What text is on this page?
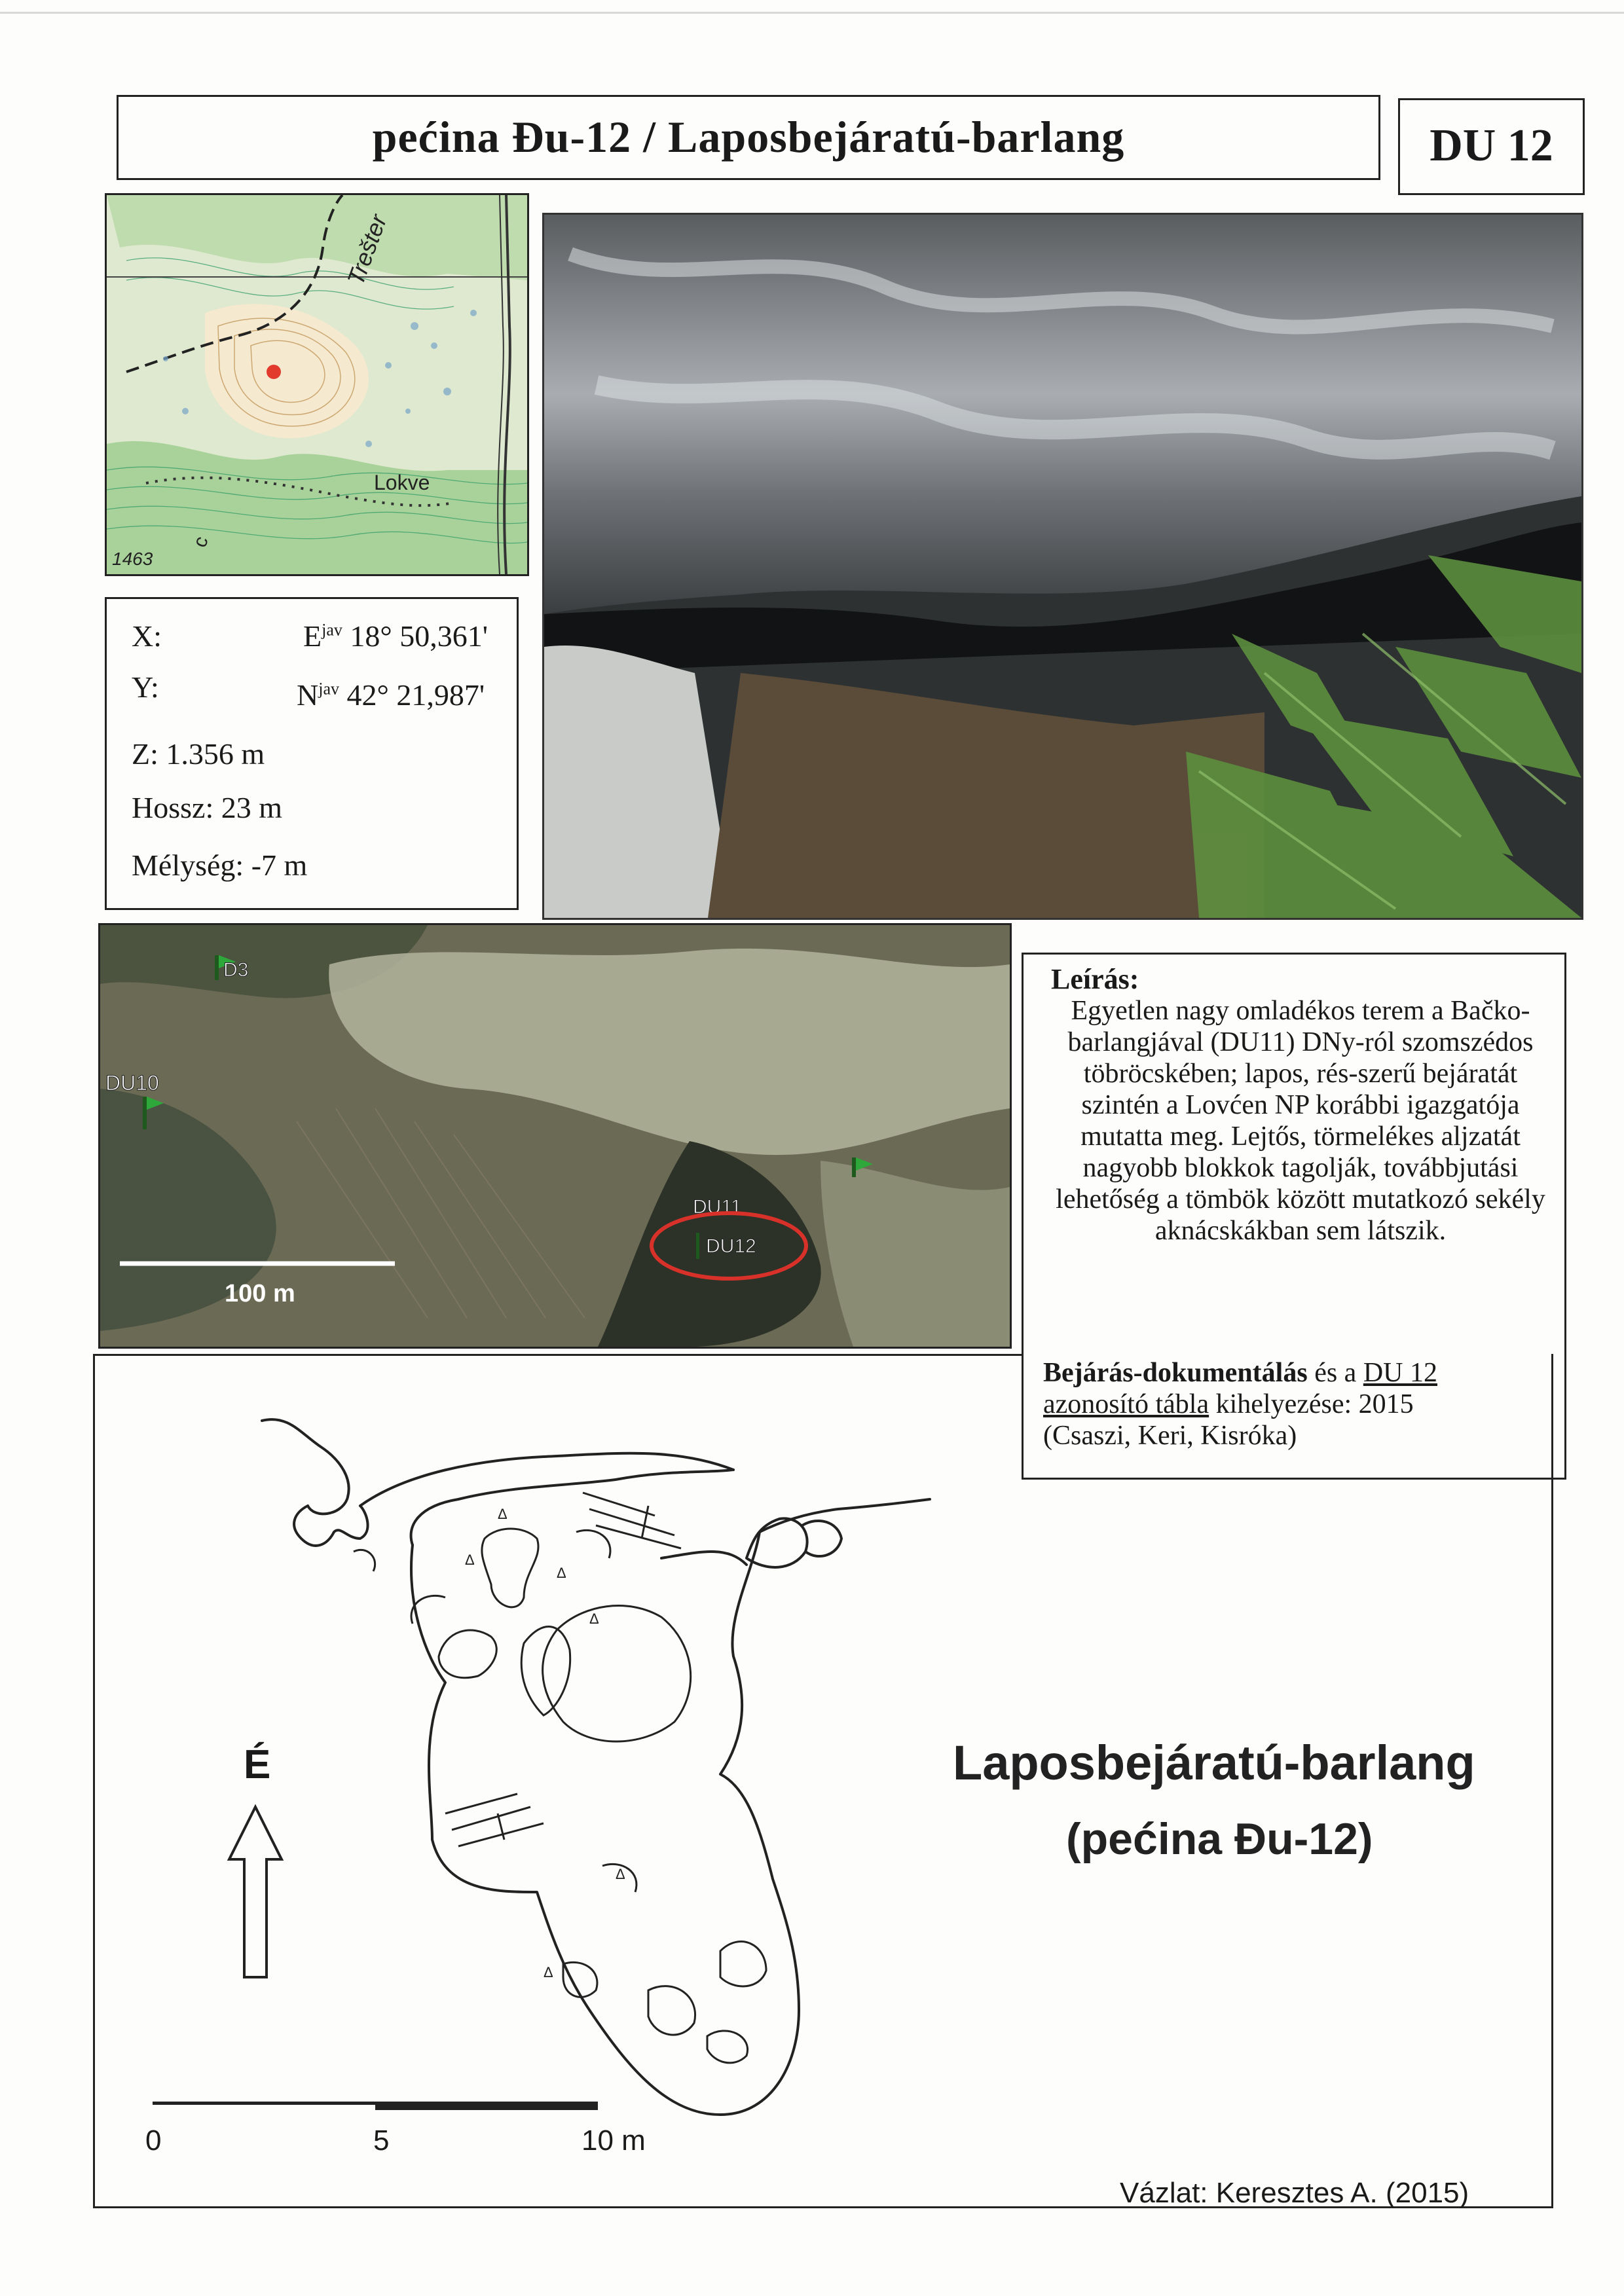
pećina Đu-12 / Laposbejáratú-barlang	DU 12
Trešter
Lokve
1463
c
X:	$E^{jav}$ 18° 50,361'
Y:	$N^{jav}$ 42° 21,987'
Z: 1.356 m
Hossz: 23 m
Mélység: -7 m
D3
DU10
DU11
DU12
100 m
Leírás:
Egyetlen nagy omladékos terem a Bačko-barlangjával (DU11) DNy-ról szomszédos töbröcskében; lapos, rés-szerű bejáratát szintén a Lovćen NP korábbi igazgatója mutatta meg. Lejtős, törmelékes aljzatát nagyobb blokkok tagolják, továbbjutási lehetőség a tömbök között mutatkozó sekély aknácskákban sem látszik.
Bejárás-dokumentálás és a DU 12
azonosító tábla kihelyezése: 2015
(Csaszi, Keri, Kisróka)
Δ
Δ
Δ
Δ
Δ
Δ
É	Laposbejáratú-barlang
(pećina Đu-12)
0	5	10 m
Vázlat: Keresztes A. (2015)
